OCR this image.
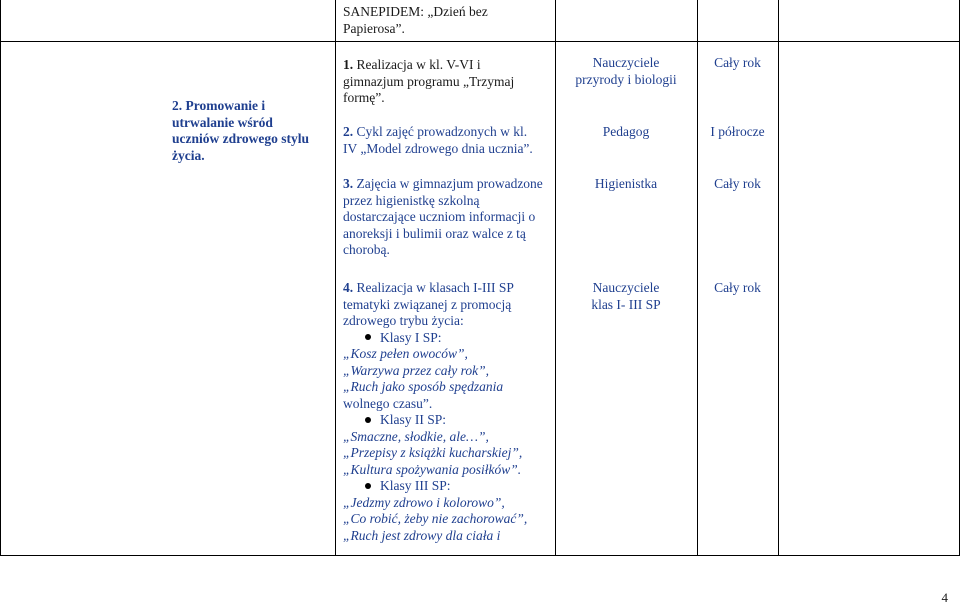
SANEPIDEM: „Dzień bez
Papierosa”.
2. Promowanie i
utrwalanie wśród
uczniów zdrowego stylu
życia.
1. Realizacja w kl. V-VI i
gimnazjum programu „Trzymaj
formę”.
2. Cykl zajęć prowadzonych w kl.
IV „Model zdrowego dnia ucznia”.
3. Zajęcia w gimnazjum prowadzone
przez higienistkę szkolną
dostarczające uczniom informacji o
anoreksji i bulimii oraz walce z tą
chorobą.
Nauczyciele
przyrody i biologii
Pedagog
Higienistka
Cały rok
I półrocze
Cały rok
4. Realizacja w klasach I-III SP
tematyki związanej z promocją
zdrowego trybu życia:
Klasy I SP:
„Kosz pełen owoców”,
„Warzywa przez cały rok”,
„Ruch jako sposób spędzania
wolnego czasu”.
Klasy II SP:
„Smaczne, słodkie, ale…”,
„Przepisy z książki kucharskiej”,
„Kultura spożywania posiłków”.
Klasy III SP:
„Jedzmy zdrowo i kolorowo”,
„Co robić, żeby nie zachorować”,
„Ruch jest zdrowy dla ciała i
Nauczyciele
klas I- III SP
Cały rok
4
